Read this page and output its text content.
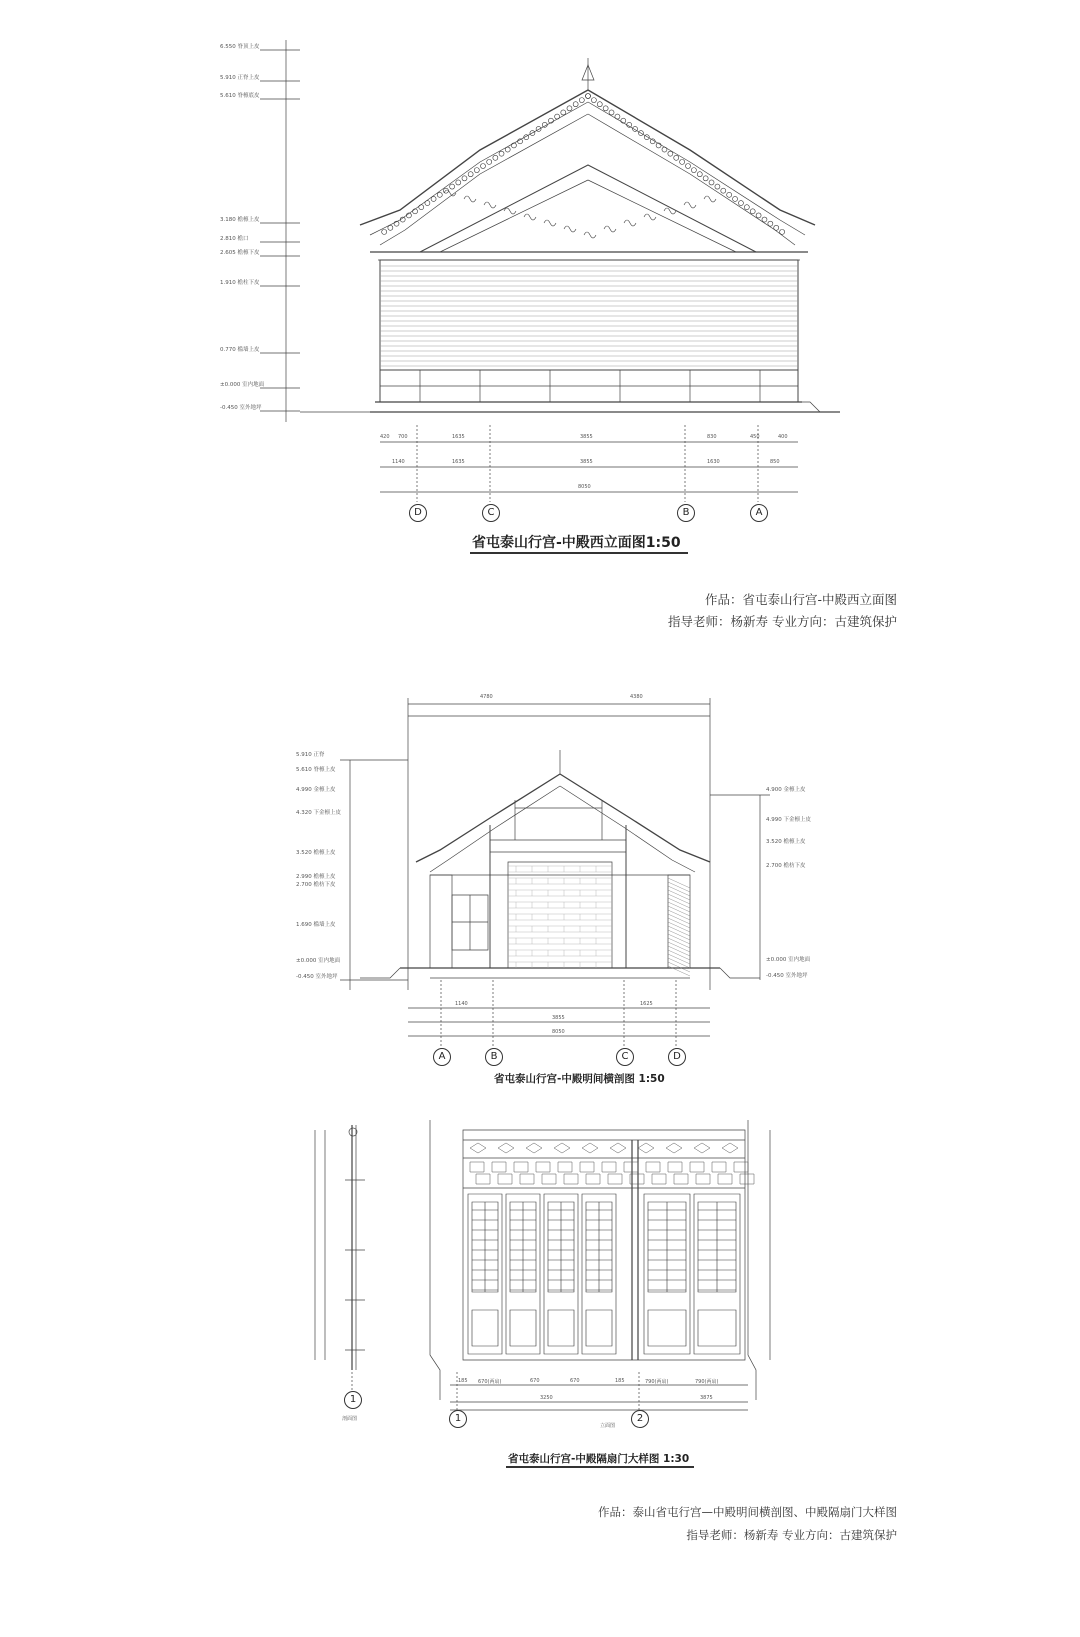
6.550 脊顶上皮
5.910 正脊上皮
5.610 脊檩底皮
3.180 檐檩上皮
2.810 檐口
2.605 檐檩下皮
1.910 檐柱下皮
0.770 槛墙上皮
±0.000 室内地面
-0.450 室外地坪
420 700	1635	3855	830	450	400
1140	1635	3855	1630	850
8050
D	C	B	A
省屯泰山行宫-中殿西立面图1:50
作品：省屯泰山行宫-中殿西立面图
指导老师：杨新寿 专业方向：古建筑保护
4780	4380
5.910 正脊
5.610 脊檩上皮
4.990 金檩上皮
4.320 下金檩上皮
3.520 檐檩上皮
2.990 檐檩上皮
2.700 檐枋下皮
1.690 槛墙上皮
±0.000 室内地面
-0.450 室外地坪
4.900 金檩上皮
4.990 下金檩上皮
3.520 檐檩上皮
2.700 檐枋下皮
±0.000 室内地面
-0.450 室外地坪
1140
3855
1625
8050
A	B	C	D
省屯泰山行宫-中殿明间横剖图 1:50
185 670(两扇)	670	670	185	790(两扇)	790(两扇)
3250	3875
1
1	2
剖面图
立面图
省屯泰山行宫-中殿隔扇门大样图 1:30
作品：泰山省屯行宫—中殿明间横剖图、中殿隔扇门大样图
指导老师：杨新寿 专业方向：古建筑保护
